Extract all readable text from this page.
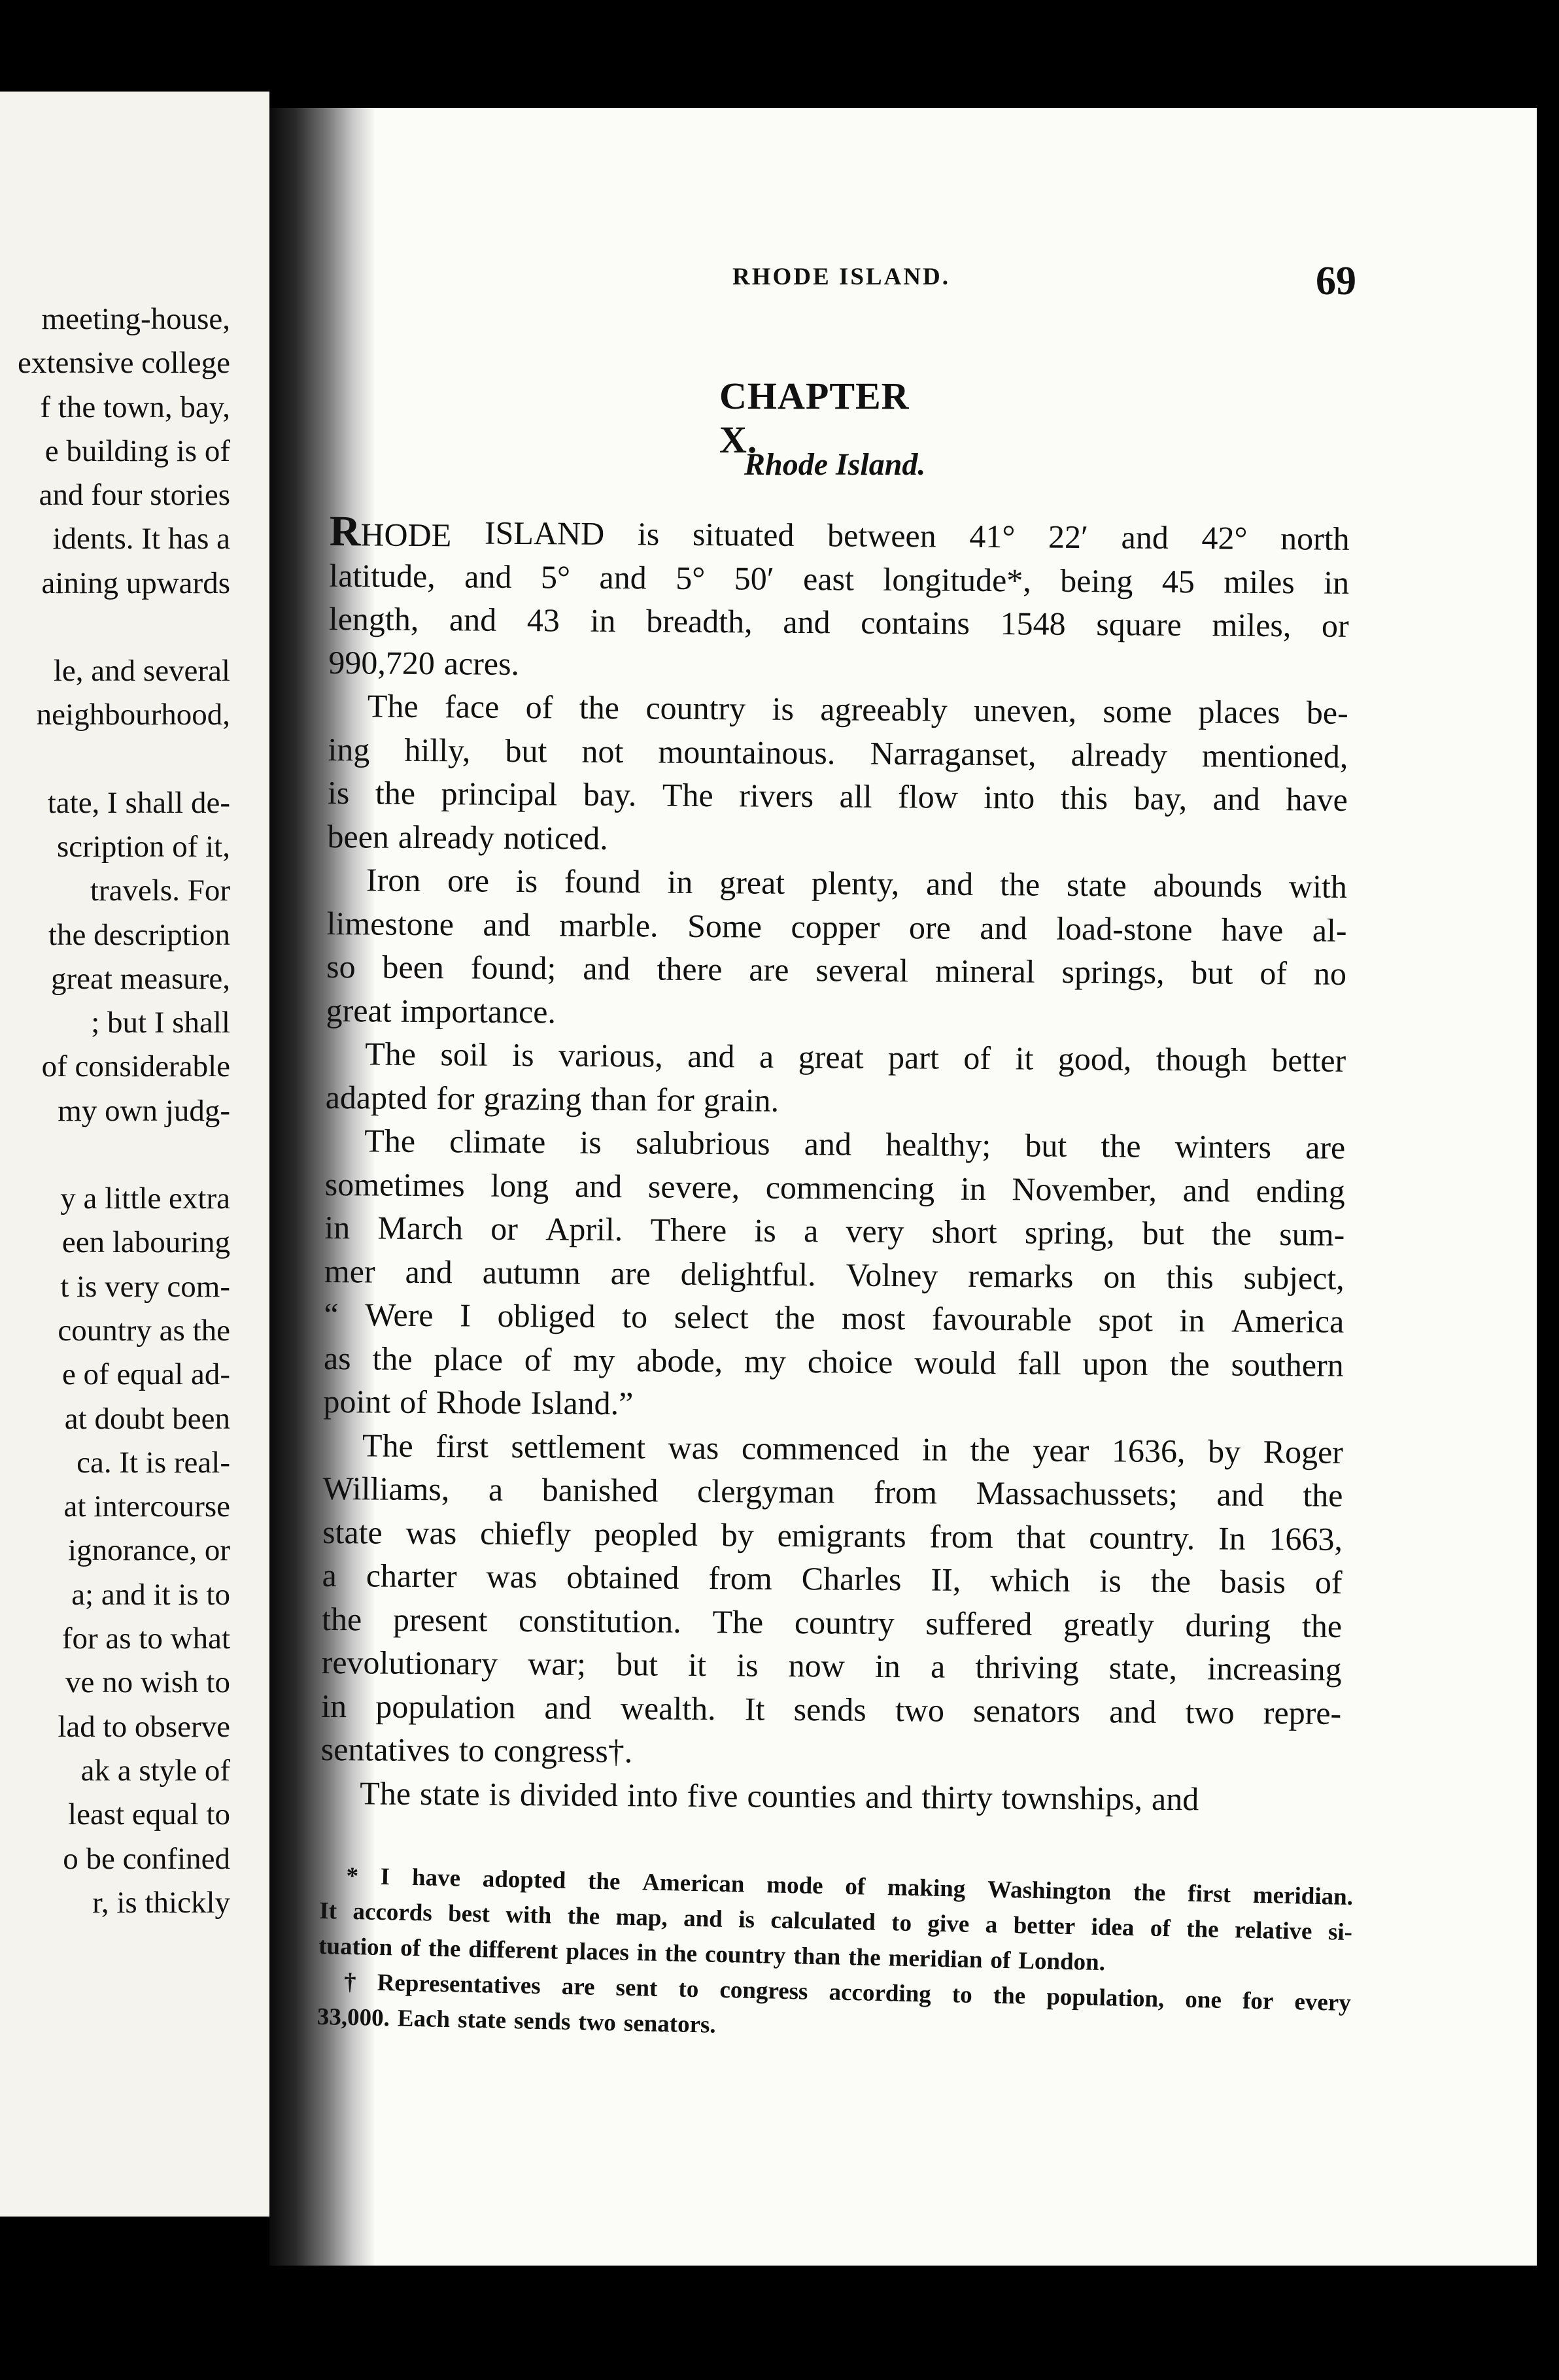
meeting-house,
extensive college
f the town, bay,
e building is of
and four stories
idents. It has a
aining upwards
le, and several
neighbourhood,
tate, I shall de-
scription of it,
travels. For
the description
great measure,
; but I shall
of considerable
my own judg-
y a little extra
een labouring
t is very com-
country as the
e of equal ad-
at doubt been
ca. It is real-
at intercourse
ignorance, or
a; and it is to
for as to what
ve no wish to
lad to observe
ak a style of
least equal to
o be confined
r, is thickly
RHODE ISLAND.	69
CHAPTER X.
Rhode Island.
RHODE ISLAND is situated between 41° 22′ and 42° north
latitude, and 5° and 5° 50′ east longitude*, being 45 miles in
length, and 43 in breadth, and contains 1548 square miles, or
990,720 acres.
The face of the country is agreeably uneven, some places be-
ing hilly, but not mountainous. Narraganset, already mentioned,
is the principal bay. The rivers all flow into this bay, and have
been already noticed.
Iron ore is found in great plenty, and the state abounds with
limestone and marble. Some copper ore and load-stone have al-
so been found; and there are several mineral springs, but of no
great importance.
The soil is various, and a great part of it good, though better
adapted for grazing than for grain.
The climate is salubrious and healthy; but the winters are
sometimes long and severe, commencing in November, and ending
in March or April. There is a very short spring, but the sum-
mer and autumn are delightful. Volney remarks on this subject,
“ Were I obliged to select the most favourable spot in America
as the place of my abode, my choice would fall upon the southern
point of Rhode Island.”
The first settlement was commenced in the year 1636, by Roger
Williams, a banished clergyman from Massachussets; and the
state was chiefly peopled by emigrants from that country. In 1663,
a charter was obtained from Charles II, which is the basis of
the present constitution. The country suffered greatly during the
revolutionary war; but it is now in a thriving state, increasing
in population and wealth. It sends two senators and two repre-
sentatives to congress†.
The state is divided into five counties and thirty townships, and
* I have adopted the American mode of making Washington the first meridian.
It accords best with the map, and is calculated to give a better idea of the relative si-
tuation of the different places in the country than the meridian of London.
† Representatives are sent to congress according to the population, one for every
33,000. Each state sends two senators.
